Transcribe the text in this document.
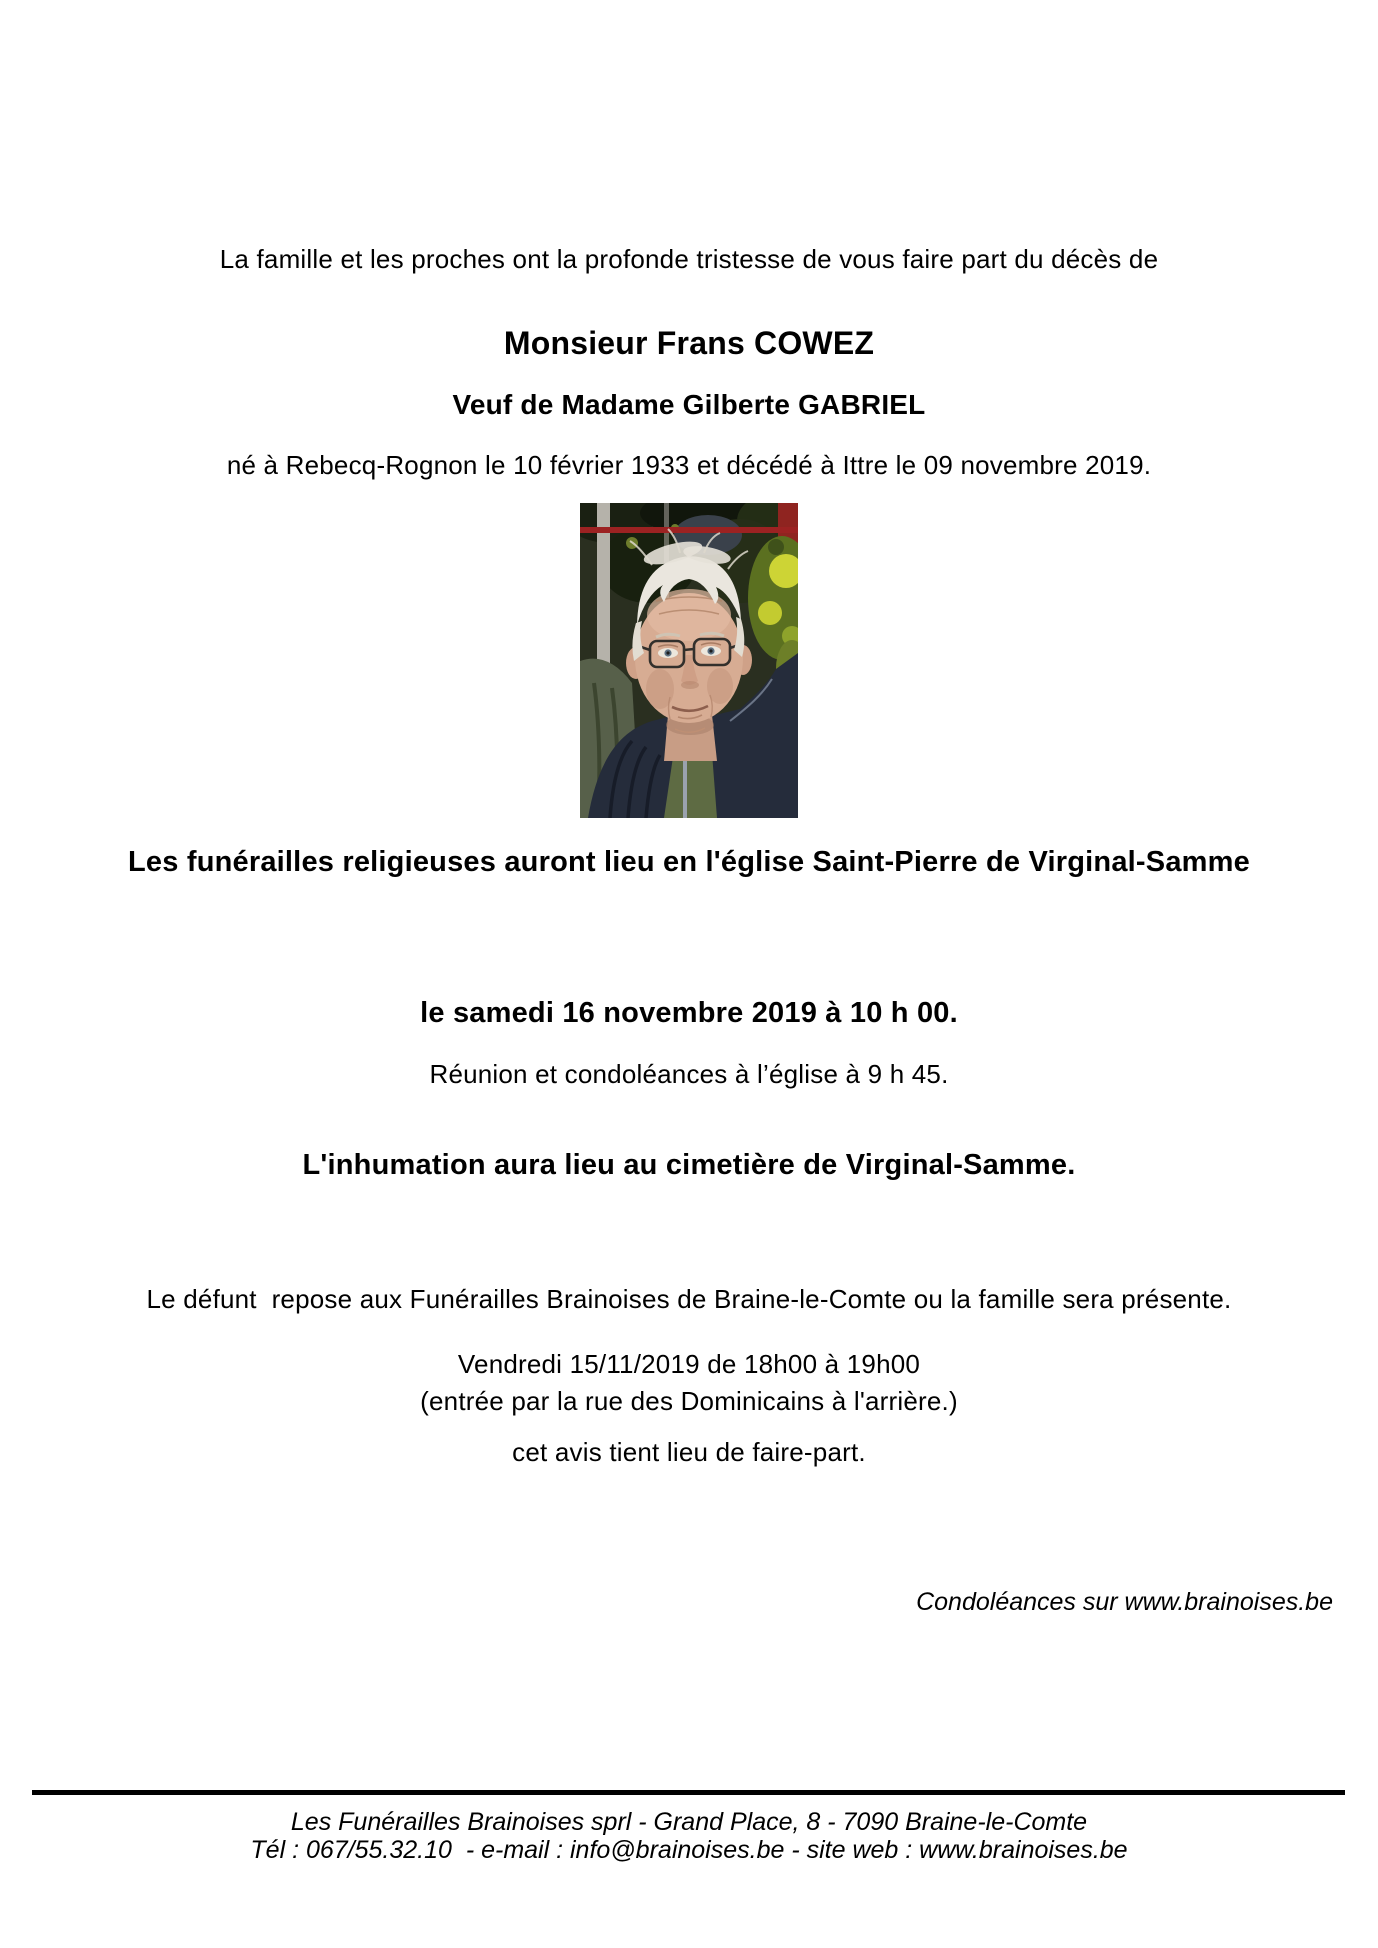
La famille et les proches ont la profonde tristesse de vous faire part du décès de

Monsieur Frans COWEZ
Veuf de Madame Gilberte GABRIEL

né à Rebecq-Rognon le 10 février 1933 et décédé à Ittre le 09 novembre 2019.

Les funérailles religieuses auront lieu en l'église Saint-Pierre de Virginal-Samme

le samedi 16 novembre 2019 à 10 h 00.

Réunion et condoléances à l’église à 9 h 45.

L'inhumation aura lieu au cimetière de Virginal-Samme.

Le défunt  repose aux Funérailles Brainoises de Braine-le-Comte ou la famille sera présente.

Vendredi 15/11/2019 de 18h00 à 19h00
(entrée par la rue des Dominicains à l'arrière.)

cet avis tient lieu de faire-part.

Condoléances sur www.brainoises.be

Les Funérailles Brainoises sprl - Grand Place, 8 - 7090 Braine-le-Comte
Tél : 067/55.32.10  - e-mail : info@brainoises.be - site web : www.brainoises.be
